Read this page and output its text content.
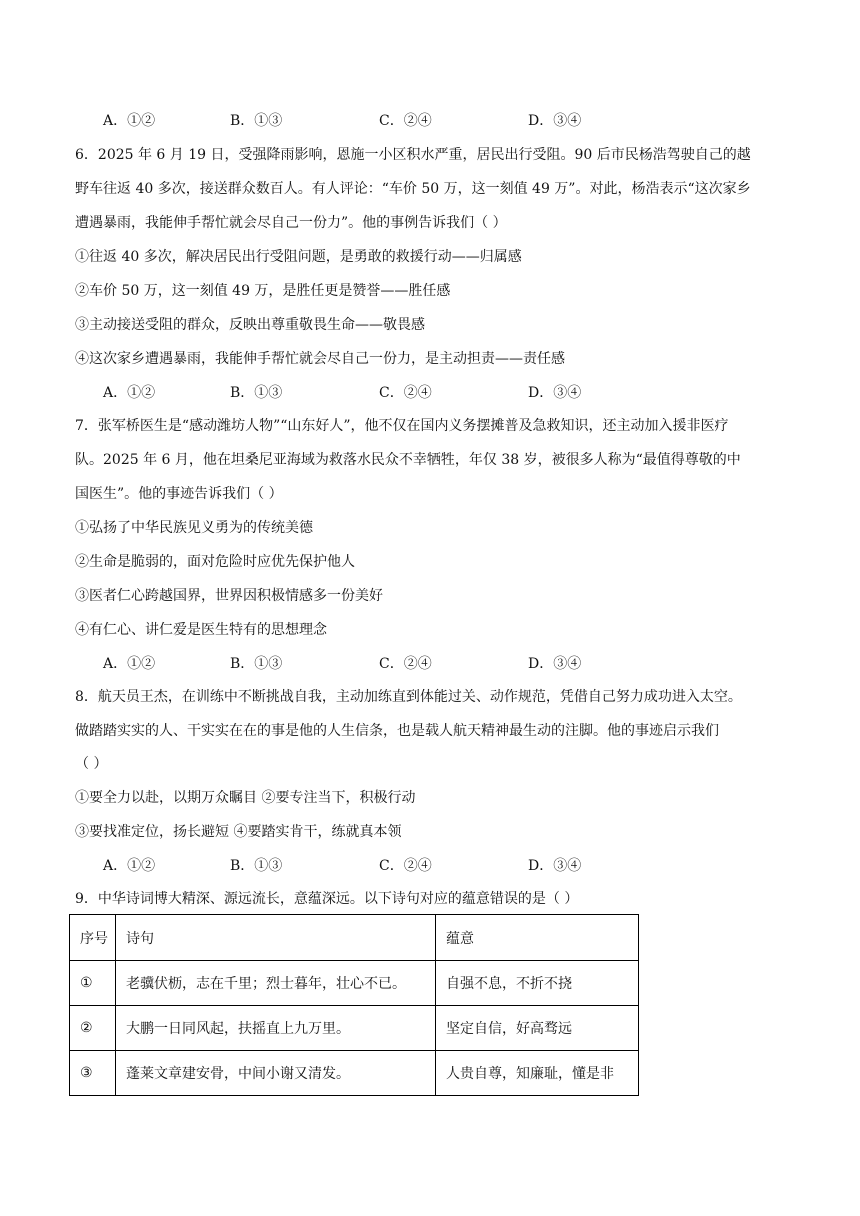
A．①②	B．①③	C．②④	D．③④
6．2025 年 6 月 19 日，受强降雨影响，恩施一小区积水严重，居民出行受阻。90 后市民杨浩驾驶自己的越
野车往返 40 多次，接送群众数百人。有人评论：“车价 50 万，这一刻值 49 万”。对此，杨浩表示“这次家乡
遭遇暴雨，我能伸手帮忙就会尽自己一份力”。他的事例告诉我们（ ）
①往返 40 多次，解决居民出行受阻问题，是勇敢的救援行动——归属感
②车价 50 万，这一刻值 49 万，是胜任更是赞誉——胜任感
③主动接送受阻的群众，反映出尊重敬畏生命——敬畏感
④这次家乡遭遇暴雨，我能伸手帮忙就会尽自己一份力，是主动担责——责任感
A．①②	B．①③	C．②④	D．③④
7．张军桥医生是“感动潍坊人物”“山东好人”，他不仅在国内义务摆摊普及急救知识，还主动加入援非医疗
队。2025 年 6 月，他在坦桑尼亚海域为救落水民众不幸牺牲，年仅 38 岁，被很多人称为“最值得尊敬的中
国医生”。他的事迹告诉我们（ ）
①弘扬了中华民族见义勇为的传统美德
②生命是脆弱的，面对危险时应优先保护他人
③医者仁心跨越国界，世界因积极情感多一份美好
④有仁心、讲仁爱是医生特有的思想理念
A．①②	B．①③	C．②④	D．③④
8．航天员王杰，在训练中不断挑战自我，主动加练直到体能过关、动作规范，凭借自己努力成功进入太空。
做踏踏实实的人、干实实在在的事是他的人生信条，也是载人航天精神最生动的注脚。他的事迹启示我们
（ ）
①要全力以赴，以期万众瞩目 ②要专注当下，积极行动
③要找准定位，扬长避短 ④要踏实肯干，练就真本领
A．①②	B．①③	C．②④	D．③④
9．中华诗词博大精深、源远流长，意蕴深远。以下诗句对应的蕴意错误的是（ ）
序号	诗句	蕴意
①	老骥伏枥，志在千里；烈士暮年，壮心不已。	自强不息，不折不挠
②	大鹏一日同风起，扶摇直上九万里。	坚定自信，好高骛远
③	蓬莱文章建安骨，中间小谢又清发。	人贵自尊，知廉耻，懂是非
